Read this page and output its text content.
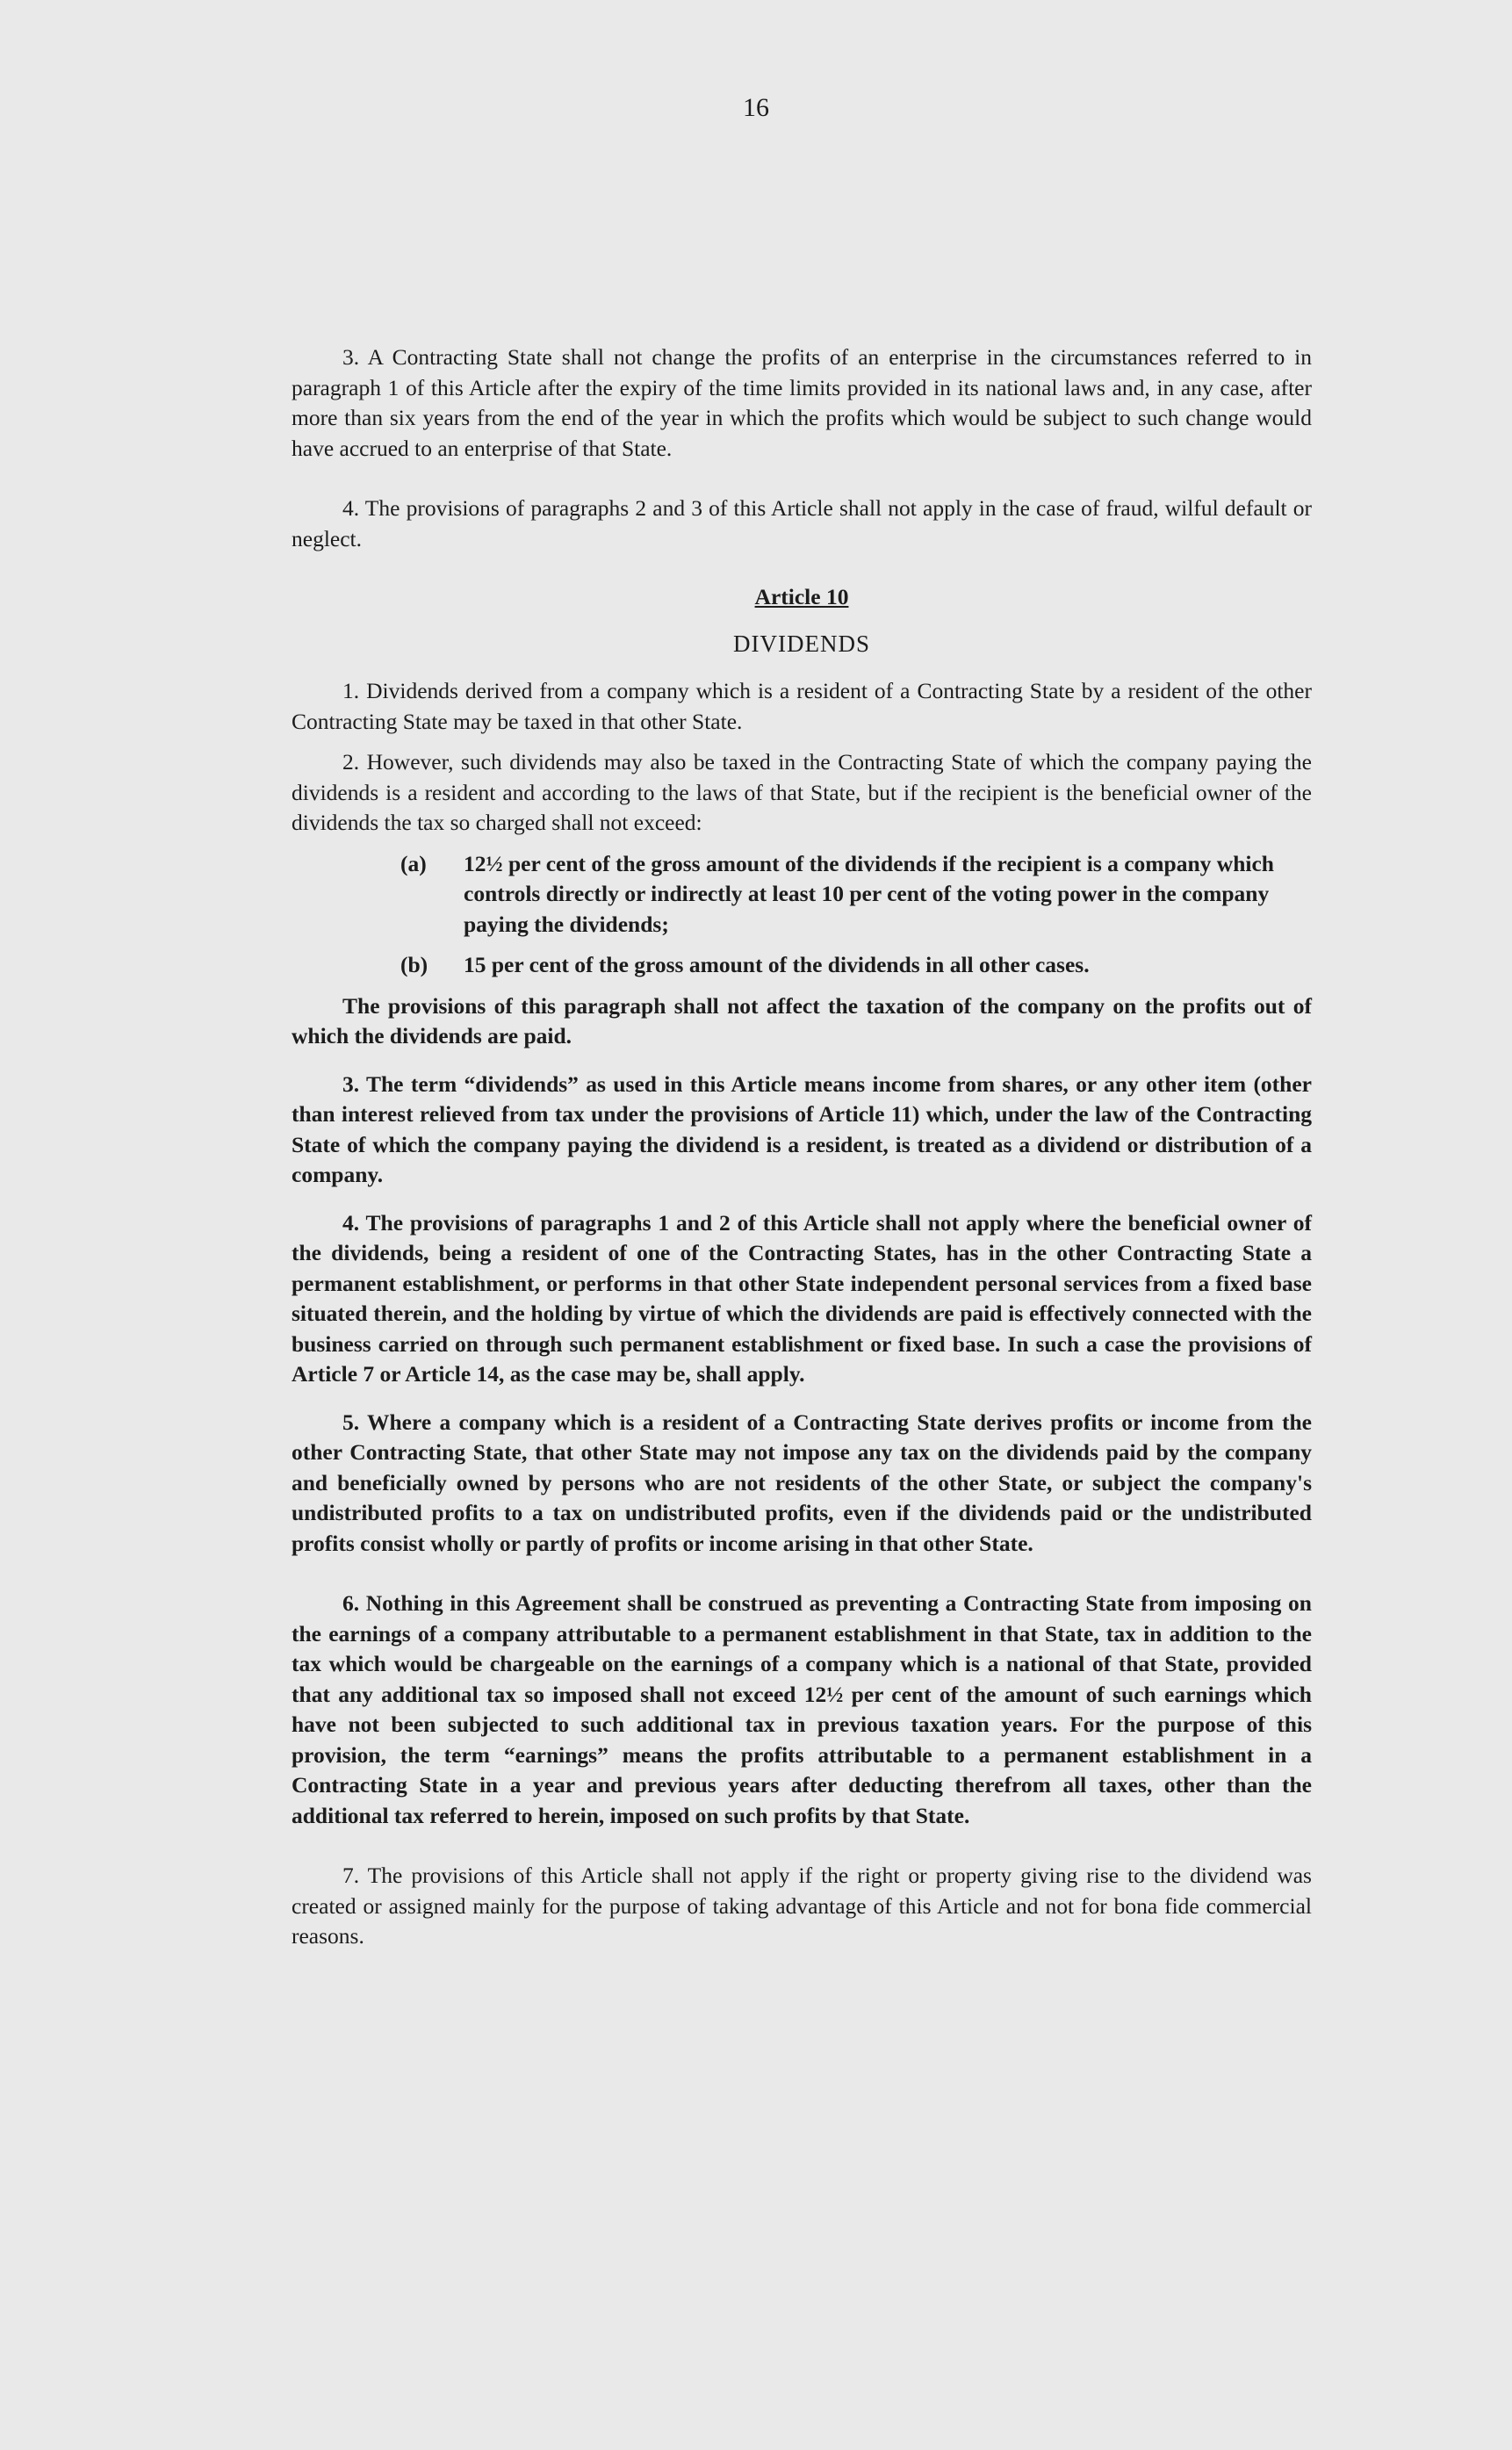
16

3. A Contracting State shall not change the profits of an enterprise in the circumstances referred to in paragraph 1 of this Article after the expiry of the time limits provided in its national laws and, in any case, after more than six years from the end of the year in which the profits which would be subject to such change would have accrued to an enterprise of that State.

4. The provisions of paragraphs 2 and 3 of this Article shall not apply in the case of fraud, wilful default or neglect.

Article 10
DIVIDENDS

1. Dividends derived from a company which is a resident of a Contracting State by a resident of the other Contracting State may be taxed in that other State.

2. However, such dividends may also be taxed in the Contracting State of which the company paying the dividends is a resident and according to the laws of that State, but if the recipient is the beneficial owner of the dividends the tax so charged shall not exceed:

(a)	12½ per cent of the gross amount of the dividends if the recipient is a company which controls directly or indirectly at least 10 per cent of the voting power in the company paying the dividends;
(b)	15 per cent of the gross amount of the dividends in all other cases.

The provisions of this paragraph shall not affect the taxation of the company on the profits out of which the dividends are paid.

3. The term “dividends” as used in this Article means income from shares, or any other item (other than interest relieved from tax under the provisions of Article 11) which, under the law of the Contracting State of which the company paying the dividend is a resident, is treated as a dividend or distribution of a company.

4. The provisions of paragraphs 1 and 2 of this Article shall not apply where the beneficial owner of the dividends, being a resident of one of the Contracting States, has in the other Contracting State a permanent establishment, or performs in that other State independent personal services from a fixed base situated therein, and the holding by virtue of which the dividends are paid is effectively connected with the business carried on through such permanent establishment or fixed base. In such a case the provisions of Article 7 or Article 14, as the case may be, shall apply.

5. Where a company which is a resident of a Contracting State derives profits or income from the other Contracting State, that other State may not impose any tax on the dividends paid by the company and beneficially owned by persons who are not residents of the other State, or subject the company's undistributed profits to a tax on undistributed profits, even if the dividends paid or the undistributed profits consist wholly or partly of profits or income arising in that other State.

6. Nothing in this Agreement shall be construed as preventing a Contracting State from imposing on the earnings of a company attributable to a permanent establishment in that State, tax in addition to the tax which would be chargeable on the earnings of a company which is a national of that State, provided that any additional tax so imposed shall not exceed 12½ per cent of the amount of such earnings which have not been subjected to such additional tax in previous taxation years. For the purpose of this provision, the term “earnings” means the profits attributable to a permanent establishment in a Contracting State in a year and previous years after deducting therefrom all taxes, other than the additional tax referred to herein, imposed on such profits by that State.

7. The provisions of this Article shall not apply if the right or property giving rise to the dividend was created or assigned mainly for the purpose of taking advantage of this Article and not for bona fide commercial reasons.
